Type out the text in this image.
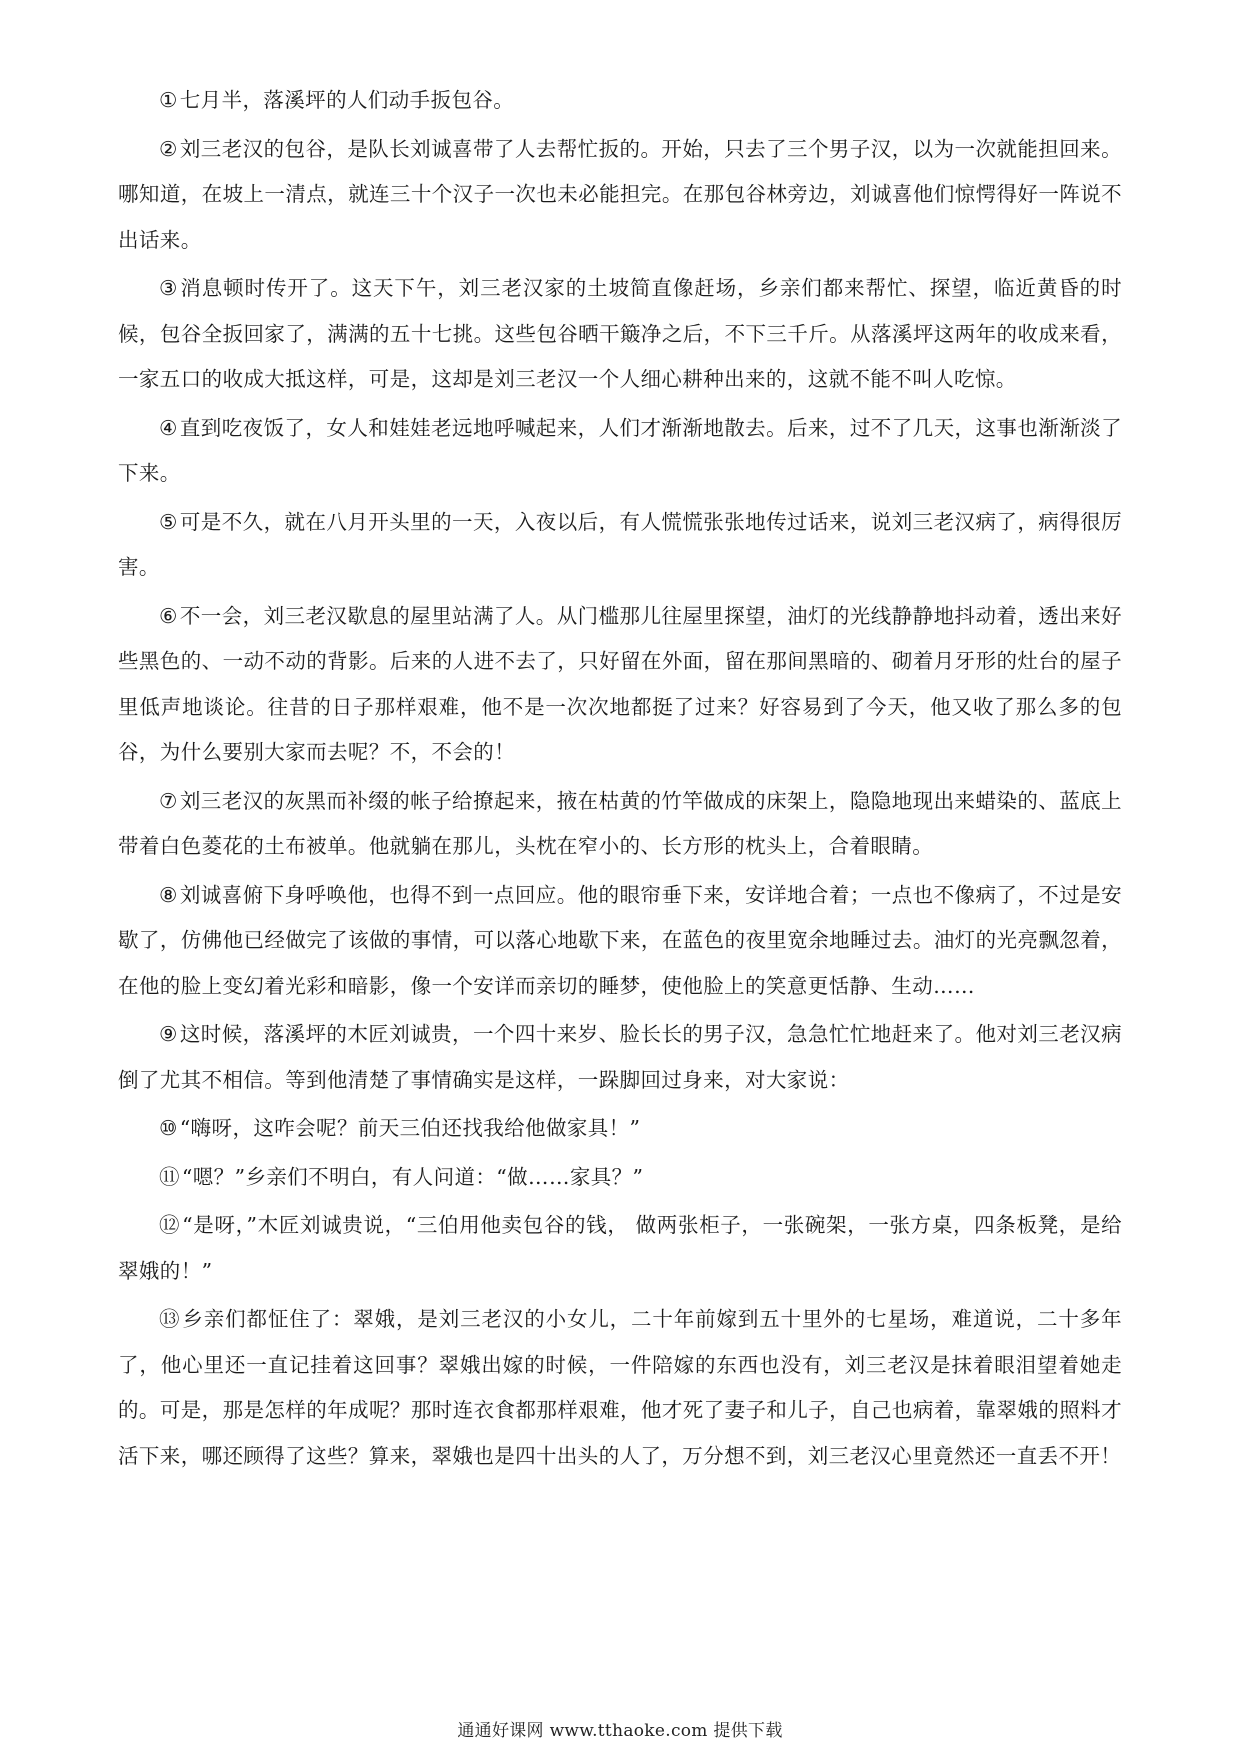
①七月半，落溪坪的人们动手扳包谷。

②刘三老汉的包谷，是队长刘诚喜带了人去帮忙扳的。开始，只去了三个男子汉，以为一次就能担回来。哪知道，在坡上一清点，就连三十个汉子一次也未必能担完。在那包谷林旁边，刘诚喜他们惊愕得好一阵说不出话来。

③消息顿时传开了。这天下午，刘三老汉家的土坡简直像赶场，乡亲们都来帮忙、探望，临近黄昏的时候，包谷全扳回家了，满满的五十七挑。这些包谷晒干簸净之后，不下三千斤。从落溪坪这两年的收成来看，一家五口的收成大抵这样，可是，这却是刘三老汉一个人细心耕种出来的，这就不能不叫人吃惊。

④直到吃夜饭了，女人和娃娃老远地呼喊起来，人们才渐渐地散去。后来，过不了几天，这事也渐渐淡了下来。

⑤可是不久，就在八月开头里的一天，入夜以后，有人慌慌张张地传过话来，说刘三老汉病了，病得很厉害。

⑥不一会，刘三老汉歇息的屋里站满了人。从门槛那儿往屋里探望，油灯的光线静静地抖动着，透出来好些黑色的、一动不动的背影。后来的人进不去了，只好留在外面，留在那间黑暗的、砌着月牙形的灶台的屋子里低声地谈论。往昔的日子那样艰难，他不是一次次地都挺了过来？好容易到了今天，他又收了那么多的包谷，为什么要别大家而去呢？不，不会的！

⑦刘三老汉的灰黑而补缀的帐子给撩起来，掖在枯黄的竹竿做成的床架上，隐隐地现出来蜡染的、蓝底上带着白色菱花的土布被单。他就躺在那儿，头枕在窄小的、长方形的枕头上，合着眼睛。

⑧刘诚喜俯下身呼唤他，也得不到一点回应。他的眼帘垂下来，安详地合着；一点也不像病了，不过是安歇了，仿佛他已经做完了该做的事情，可以落心地歇下来，在蓝色的夜里宽余地睡过去。油灯的光亮飘忽着，在他的脸上变幻着光彩和暗影，像一个安详而亲切的睡梦，使他脸上的笑意更恬静、生动……

⑨这时候，落溪坪的木匠刘诚贵，一个四十来岁、脸长长的男子汉，急急忙忙地赶来了。他对刘三老汉病倒了尤其不相信。等到他清楚了事情确实是这样，一跺脚回过身来，对大家说：

⑩“嗨呀，这咋会呢？前天三伯还找我给他做家具！”

⑪“嗯？”乡亲们不明白，有人问道：“做……家具？”

⑫“是呀，”木匠刘诚贵说，“三伯用他卖包谷的钱， 做两张柜子，一张碗架，一张方桌，四条板凳，是给翠娥的！”

⑬乡亲们都怔住了：翠娥，是刘三老汉的小女儿，二十年前嫁到五十里外的七星场，难道说，二十多年了，他心里还一直记挂着这回事？翠娥出嫁的时候，一件陪嫁的东西也没有，刘三老汉是抹着眼泪望着她走的。可是，那是怎样的年成呢？那时连衣食都那样艰难，他才死了妻子和儿子，自己也病着，靠翠娥的照料才活下来，哪还顾得了这些？算来，翠娥也是四十出头的人了，万分想不到，刘三老汉心里竟然还一直丢不开！

通通好课网 www.tthaoke.com 提供下载
